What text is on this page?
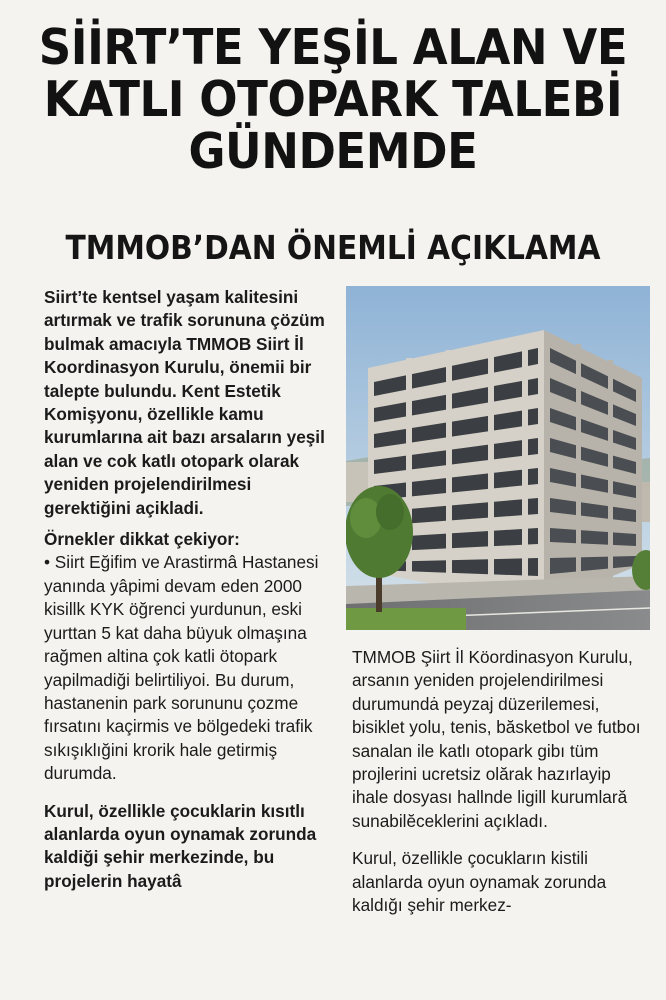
SİİRT’TE YEŞİL ALAN VE KATLI OTOPARK TALEBİ GÜNDEMDE
TMMOB’DAN ÖNEMLİ AÇIKLAMA

Siirt’te kentsel yaşam kalitesini artırmak ve trafik sorununa çözüm bulmak amacıyla TMMOB Siirt İl Koordinasyon Kurulu, önemii bir talepte bulundu. Kent Estetik Komişyonu, özellikle kamu kurumlarına ait bazı arsaların yeşil alan ve cok katlı otopark olarak yeniden projelendirilmesi gerektiğini açikladi.

Örnekler dikkat çekiyor:

• Siirt Eğifim ve Arastirmâ Hastanesi yanında yâpimi devam eden 2000 kisillk KYK öğrenci yurdunun, eski yurttan 5 kat daha büyuk olmaşına rağmen altina çok katli ötopark yapilmadiği belirtiliyoi. Bu durum, hastanenin park sorununu çozme fırsatını kaçirmis ve bölgedeki trafik sıkışıklığini krorik hale getirmiş durumda.

Kurul, özellikle çocuklarin kısıtlı alanlarda oyun oynamak zorunda kaldiği şehir merkezinde, bu projelerin hayatâ

TMMOB Şiirt İl Köordinasyon Kurulu, arsanın yeniden projelendirilmesi durumundȧ peyzaj düzerilemesi, bisiklet yolu, tenis, băsketbol ve futboı sanalan ile katlı otopark gibı tüm projlerini ucretsiz olărak hazırlayip ihale dosyası hallnde ligill kurumlară sunabilĕceklerini açıkladı.

Kurul, özellikle çocukların kistili alanlarda oyun oynamak zorunda kaldığı şehir merkez-
